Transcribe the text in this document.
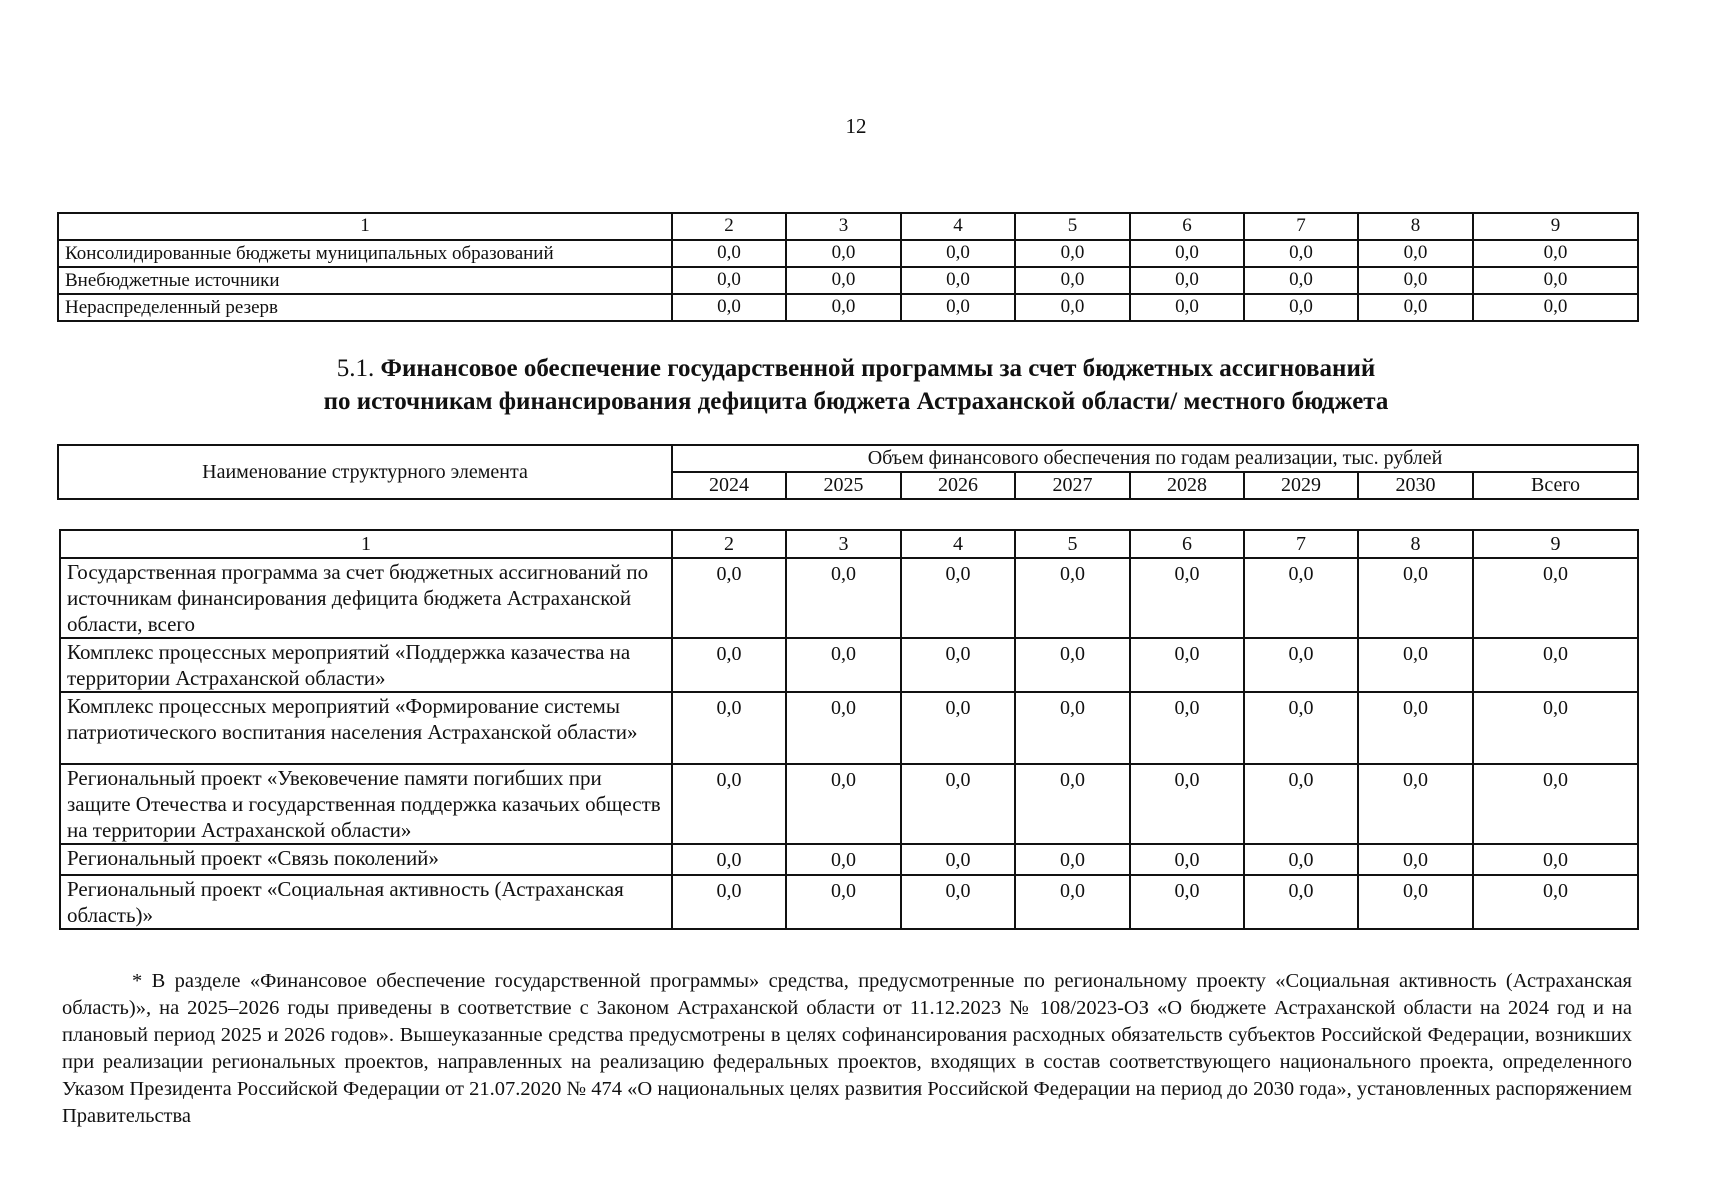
12
1	2	3	4	5	6	7	8	9
Консолидированные бюджеты муниципальных образований	0,0	0,0	0,0	0,0	0,0	0,0	0,0	0,0
Внебюджетные источники	0,0	0,0	0,0	0,0	0,0	0,0	0,0	0,0
Нераспределенный резерв	0,0	0,0	0,0	0,0	0,0	0,0	0,0	0,0
5.1. Финансовое обеспечение государственной программы за счет бюджетных ассигнований
по источникам финансирования дефицита бюджета Астраханской области/ местного бюджета
Наименование структурного элемента	Объем финансового обеспечения по годам реализации, тыс. рублей							
	2024	2025	2026	2027	2028	2029	2030	Всего
1	2	3	4	5	6	7	8	9
Государственная программа за счет бюджетных ассигнований по источникам финансирования дефицита бюджета Астраханской области, всего	0,0	0,0	0,0	0,0	0,0	0,0	0,0	0,0
Комплекс процессных мероприятий «Поддержка казачества на территории Астраханской области»	0,0	0,0	0,0	0,0	0,0	0,0	0,0	0,0
Комплекс процессных мероприятий «Формирование системы патриотического воспитания населения Астраханской области»	0,0	0,0	0,0	0,0	0,0	0,0	0,0	0,0
Региональный проект «Увековечение памяти погибших при защите Отечества и государственная поддержка казачьих обществ на территории Астраханской области»	0,0	0,0	0,0	0,0	0,0	0,0	0,0	0,0
Региональный проект «Связь поколений»	0,0	0,0	0,0	0,0	0,0	0,0	0,0	0,0
Региональный проект «Социальная активность (Астраханская область)»	0,0	0,0	0,0	0,0	0,0	0,0	0,0	0,0

* В разделе «Финансовое обеспечение государственной программы» средства, предусмотренные по региональному проекту «Социальная активность (Астраханская область)», на 2025–2026 годы приведены в соответствие с Законом Астраханской области от 11.12.2023 № 108/2023-ОЗ «О бюджете Астраханской области на 2024 год и на плановый период 2025 и 2026 годов». Вышеуказанные средства предусмотрены в целях софинансирования расходных обязательств субъектов Российской Федерации, возникших при реализации региональных проектов, направленных на реализацию федеральных проектов, входящих в состав соответствующего национального проекта, определенного Указом Президента Российской Федерации от 21.07.2020 № 474 «О национальных целях развития Российской Федерации на период до 2030 года», установленных распоряжением Правительства
